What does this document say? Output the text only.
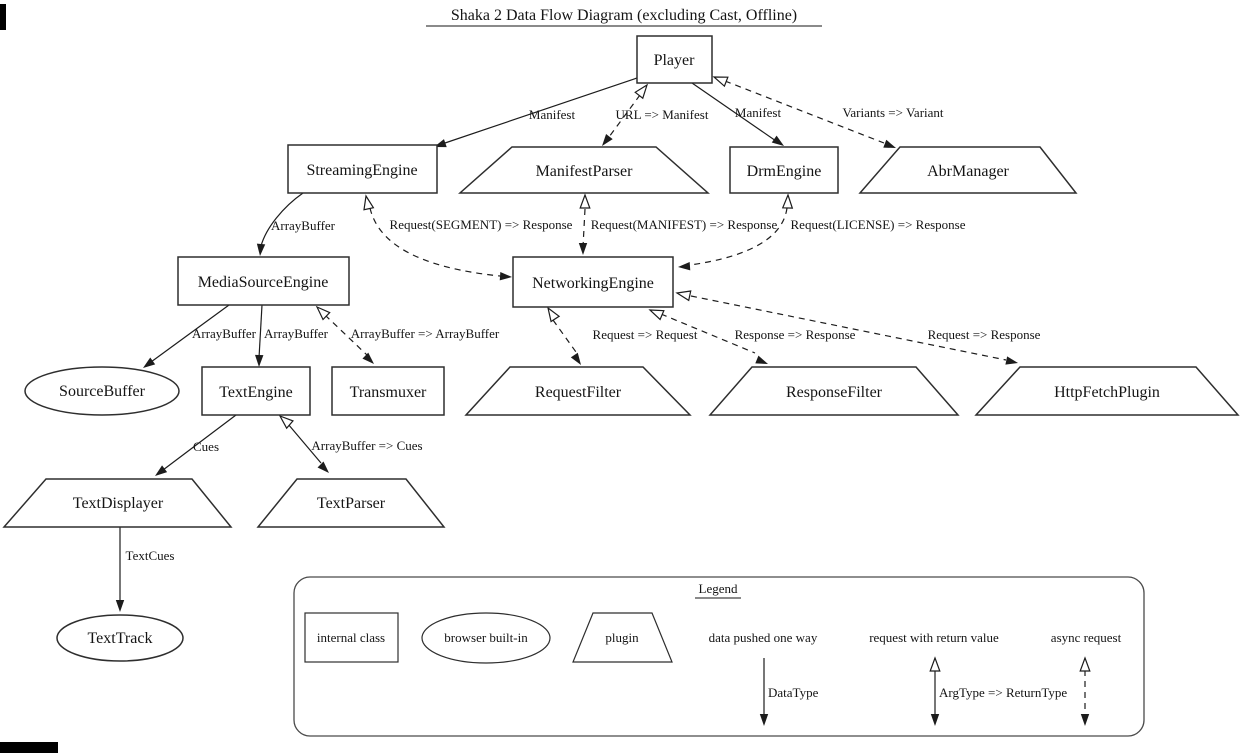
Shaka 2 Data Flow Diagram (excluding Cast, Offline)
Manifest	URL => Manifest Manifest	Variants => Variant
ArrayBuffer	Request(SEGMENT) => Response Request(MANIFEST) => Response Request(LICENSE) => Response
ArrayBuffer ArrayBuffer ArrayBuffer => ArrayBuffer	Request => Request	Response => Response	Request => Response
Cues	ArrayBuffer => Cues
TextCues
Player
StreamingEngine	ManifestParser	DrmEngine	AbrManager
MediaSourceEngine	NetworkingEngine
SourceBuffer	TextEngine	Transmuxer	RequestFilter	ResponseFilter	HttpFetchPlugin
TextDisplayer	TextParser
TextTrack
Legend
internal class	browser built-in	plugin	data pushed one way
DataType
request with return value
ArgType => ReturnType
async request
